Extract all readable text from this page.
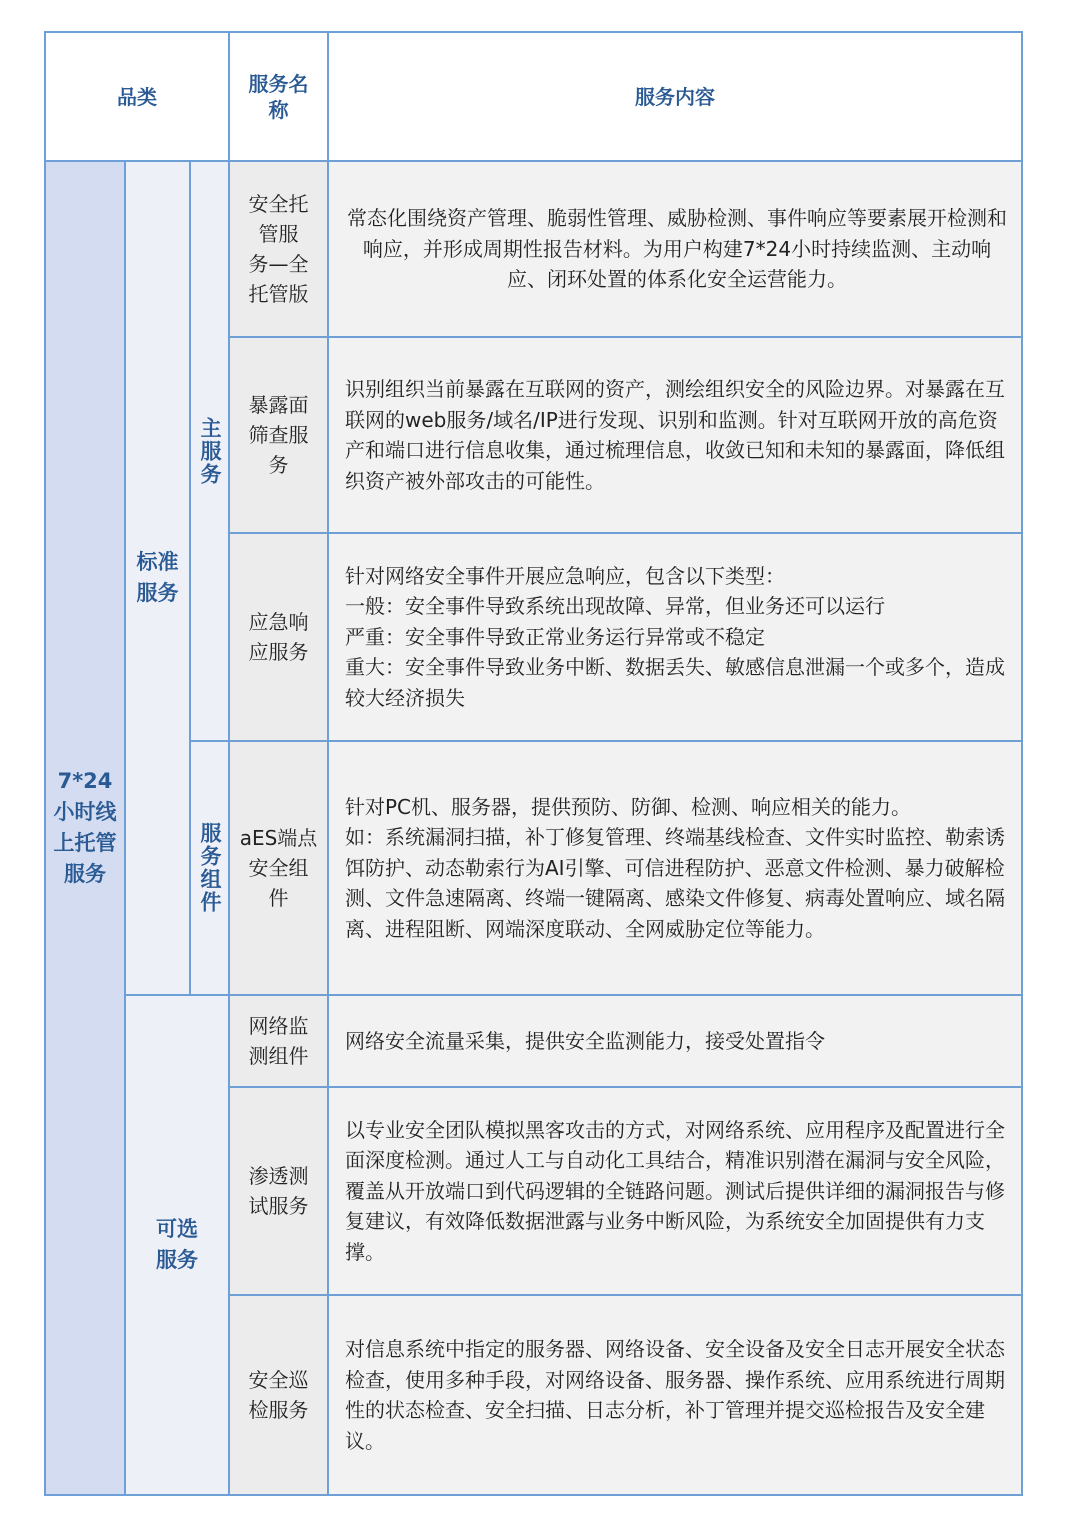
品类
服务名
称
服务内容
7*24
小时线
上托管
服务
标准
服务
可选
服务
主服务
服务组件
安全托
管服
务—全
托管版
常态化围绕资产管理、脆弱性管理、威胁检测、事件响应等要素展开检测和响应，并形成周期性报告材料。为用户构建7*24小时持续监测、主动响应、闭环处置的体系化安全运营能力。
暴露面
筛查服
务
识别组织当前暴露在互联网的资产，测绘组织安全的风险边界。对暴露在互联网的web服务/域名/IP进行发现、识别和监测。针对互联网开放的高危资产和端口进行信息收集，通过梳理信息，收敛已知和未知的暴露面，降低组织资产被外部攻击的可能性。
应急响
应服务
针对网络安全事件开展应急响应，包含以下类型：
一般：安全事件导致系统出现故障、异常，但业务还可以运行
严重：安全事件导致正常业务运行异常或不稳定
重大：安全事件导致业务中断、数据丢失、敏感信息泄漏一个或多个，造成较大经济损失
aES端点
安全组
件
针对PC机、服务器，提供预防、防御、检测、响应相关的能力。
如：系统漏洞扫描，补丁修复管理、终端基线检查、文件实时监控、勒索诱饵防护、动态勒索行为AI引擎、可信进程防护、恶意文件检测、暴力破解检测、文件急速隔离、终端一键隔离、感染文件修复、病毒处置响应、域名隔离、进程阻断、网端深度联动、全网威胁定位等能力。
网络监
测组件
网络安全流量采集，提供安全监测能力，接受处置指令
渗透测
试服务
以专业安全团队模拟黑客攻击的方式，对网络系统、应用程序及配置进行全面深度检测。通过人工与自动化工具结合，精准识别潜在漏洞与安全风险，覆盖从开放端口到代码逻辑的全链路问题。测试后提供详细的漏洞报告与修复建议，有效降低数据泄露与业务中断风险，为系统安全加固提供有力支撑。
安全巡
检服务
对信息系统中指定的服务器、网络设备、安全设备及安全日志开展安全状态检查，使用多种手段，对网络设备、服务器、操作系统、应用系统进行周期性的状态检查、安全扫描、日志分析，补丁管理并提交巡检报告及安全建议。
